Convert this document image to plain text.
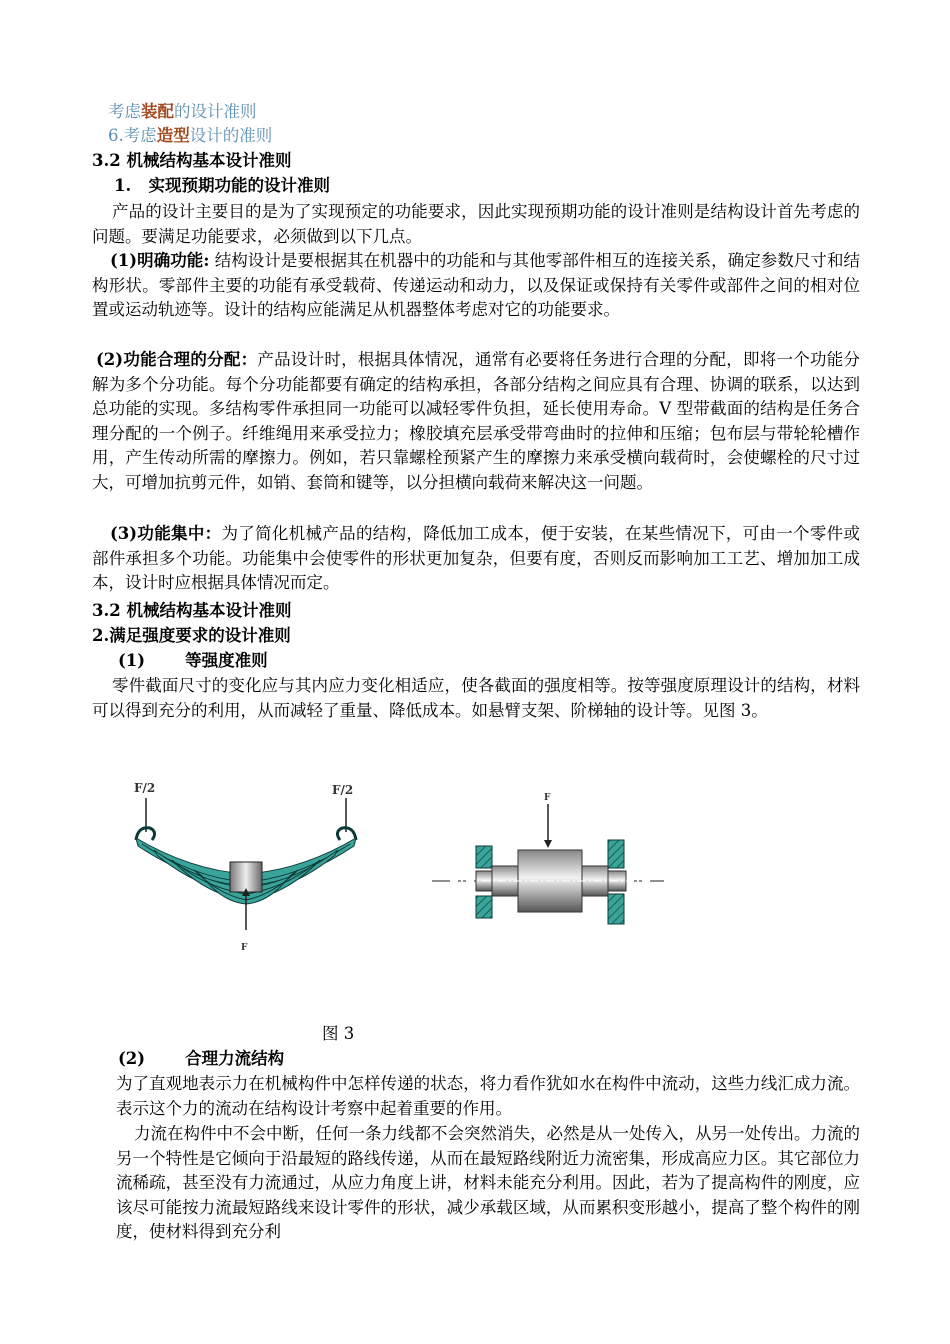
考虑装配的设计准则
6.考虑造型设计的准则
3.2 机械结构基本设计准则
1.   实现预期功能的设计准则
产品的设计主要目的是为了实现预定的功能要求，因此实现预期功能的设计准则是结构设计首先考虑的问题。要满足功能要求，必须做到以下几点。
(1)明确功能: 结构设计是要根据其在机器中的功能和与其他零部件相互的连接关系，确定参数尺寸和结构形状。零部件主要的功能有承受载荷、传递运动和动力，以及保证或保持有关零件或部件之间的相对位置或运动轨迹等。设计的结构应能满足从机器整体考虑对它的功能要求。
(2)功能合理的分配：产品设计时，根据具体情况，通常有必要将任务进行合理的分配，即将一个功能分解为多个分功能。每个分功能都要有确定的结构承担，各部分结构之间应具有合理、协调的联系，以达到总功能的实现。多结构零件承担同一功能可以减轻零件负担，延长使用寿命。V 型带截面的结构是任务合理分配的一个例子。纤维绳用来承受拉力；橡胶填充层承受带弯曲时的拉伸和压缩；包布层与带轮轮槽作用，产生传动所需的摩擦力。例如，若只靠螺栓预紧产生的摩擦力来承受横向载荷时，会使螺栓的尺寸过大，可增加抗剪元件，如销、套筒和键等，以分担横向载荷来解决这一问题。
(3)功能集中：为了简化机械产品的结构，降低加工成本，便于安装，在某些情况下，可由一个零件或部件承担多个功能。功能集中会使零件的形状更加复杂，但要有度，否则反而影响加工工艺、增加加工成本，设计时应根据具体情况而定。
3.2 机械结构基本设计准则
2.满足强度要求的设计准则
(1) 等强度准则
零件截面尺寸的变化应与其内应力变化相适应，使各截面的强度相等。按等强度原理设计的结构，材料可以得到充分的利用，从而减轻了重量、降低成本。如悬臂支架、阶梯轴的设计等。见图 3。
F/2	F/2
F
F
图 3
(2) 合理力流结构
为了直观地表示力在机械构件中怎样传递的状态，将力看作犹如水在构件中流动，这些力线汇成力流。表示这个力的流动在结构设计考察中起着重要的作用。
力流在构件中不会中断，任何一条力线都不会突然消失，必然是从一处传入，从另一处传出。力流的另一个特性是它倾向于沿最短的路线传递，从而在最短路线附近力流密集，形成高应力区。其它部位力流稀疏，甚至没有力流通过，从应力角度上讲，材料未能充分利用。因此，若为了提高构件的刚度，应该尽可能按力流最短路线来设计零件的形状，减少承载区域，从而累积变形越小，提高了整个构件的刚度，使材料得到充分利
